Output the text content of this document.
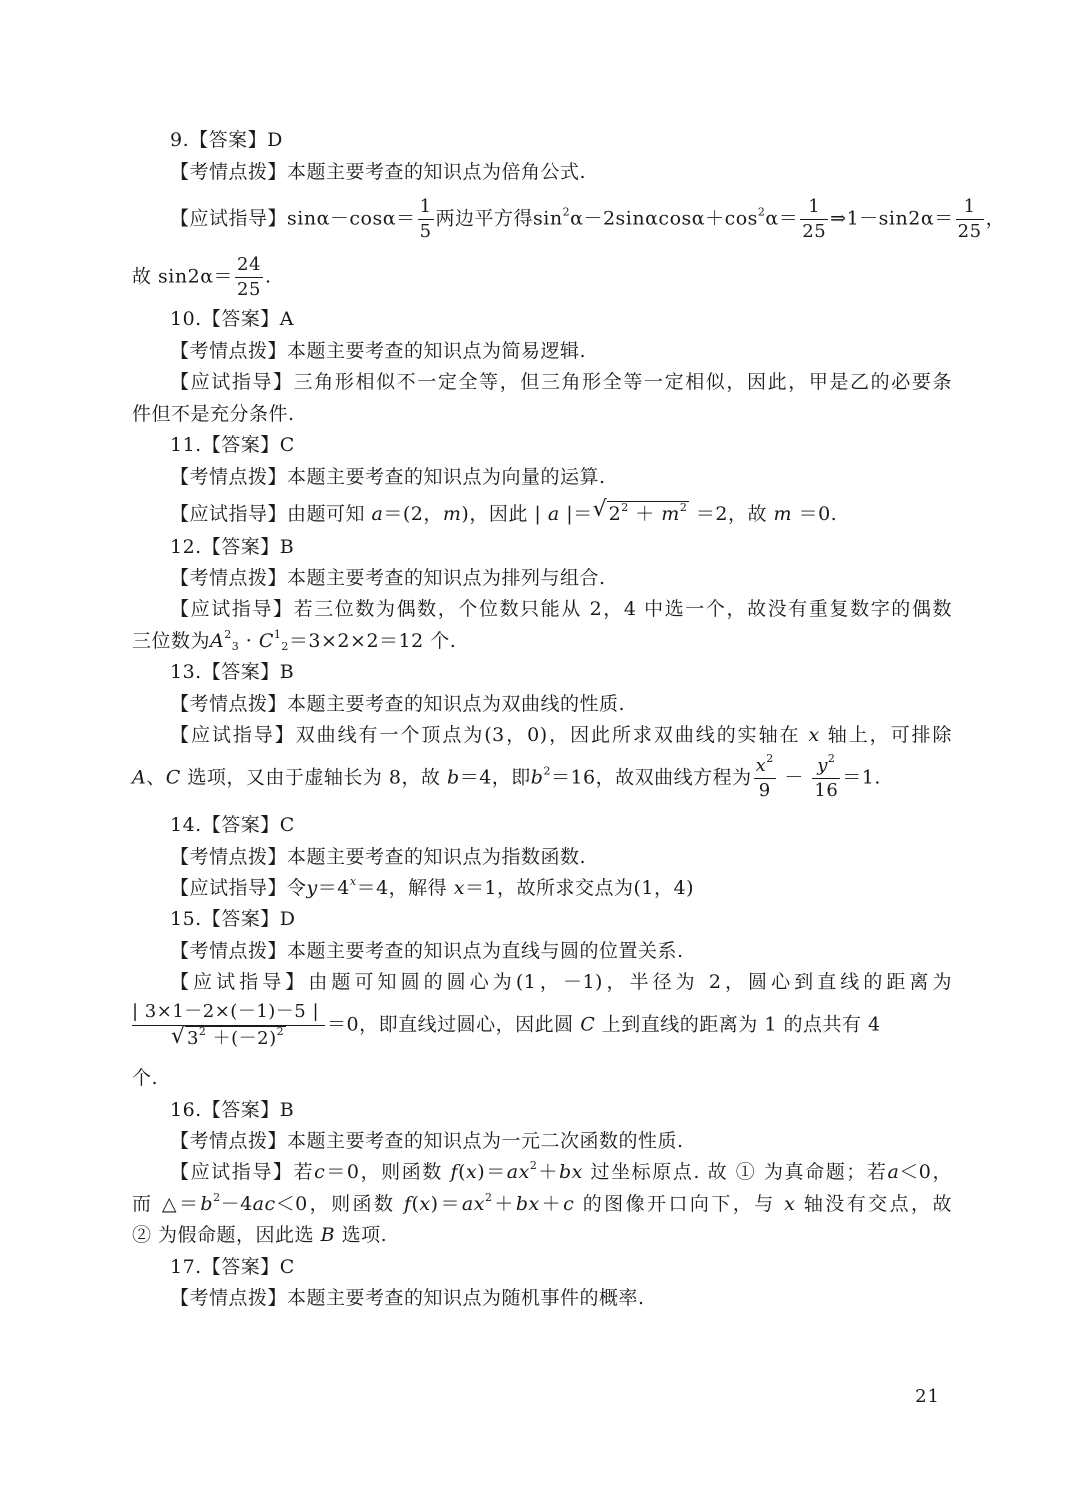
9.【答案】D
【考情点拨】本题主要考查的知识点为倍角公式.
【应试指导】$\sin\alpha-\cos\alpha= \frac{1}{5}$ 两边平方得$\sin^2\alpha-2\sin\alpha\cos\alpha+\cos^2\alpha= \frac{1}{25}$ ⇒1－sin2α＝ $\frac{1}{25}$ ，
故 $\sin 2\alpha= \frac{24}{25}$ .
10.【答案】A
【考情点拨】本题主要考查的知识点为简易逻辑.
【应试指导】三角形相似不一定全等，但三角形全等一定相似，因此，甲是乙的必要条
件但不是充分条件.
11.【答案】C
【考情点拨】本题主要考查的知识点为向量的运算.
【应试指导】由题可知 a＝(2，m)，因此 | a |＝ √ $2^2 + m^2 =2$，故 m ＝0.
12.【答案】B
【考情点拨】本题主要考查的知识点为排列与组合.
【应试指导】若三位数为偶数，个位数只能从 2，4 中选一个，故没有重复数字的偶数
三位数为$A^2_3 \cdot C^1_2=3\times 2\times 2=12$ 个.
13.【答案】B
【考情点拨】本题主要考查的知识点为双曲线的性质.
【应试指导】双曲线有一个顶点为(3，0)，因此所求双曲线的实轴在 x 轴上，可排除
A、C 选项，又由于虚轴长为 8，故 b＝4，即$b^2=16$，故双曲线方程为 $\frac{x^2}{9} - \frac{y^2}{16} =1$.
14.【答案】C
【考情点拨】本题主要考查的知识点为指数函数.
【应试指导】令$y=4^x=4$，解得 x＝1，故所求交点为(1，4)
15.【答案】D
【考情点拨】本题主要考查的知识点为直线与圆的位置关系.
【应试指导】由题可知圆的圆心为(1，－1)，半径为 2，圆心到直线的距离为
$\frac{| 3\times 1-2\times(-1)-5 |}{√ 3^2 +(-2)^2} =0$，即直线过圆心，因此圆 C 上到直线的距离为 1 的点共有 4
个.
16.【答案】B
【考情点拨】本题主要考查的知识点为一元二次函数的性质.
【应试指导】若c＝0，则函数 $f(x)=ax^2+bx$ 过坐标原点. 故 ① 为真命题；若a＜0，
而 $\triangle=b^2-4ac<0$，则函数 $f(x)=ax^2+bx+c$ 的图像开口向下，与 x 轴没有交点，故
② 为假命题，因此选 B 选项.
17.【答案】C
【考情点拨】本题主要考查的知识点为随机事件的概率.
21
